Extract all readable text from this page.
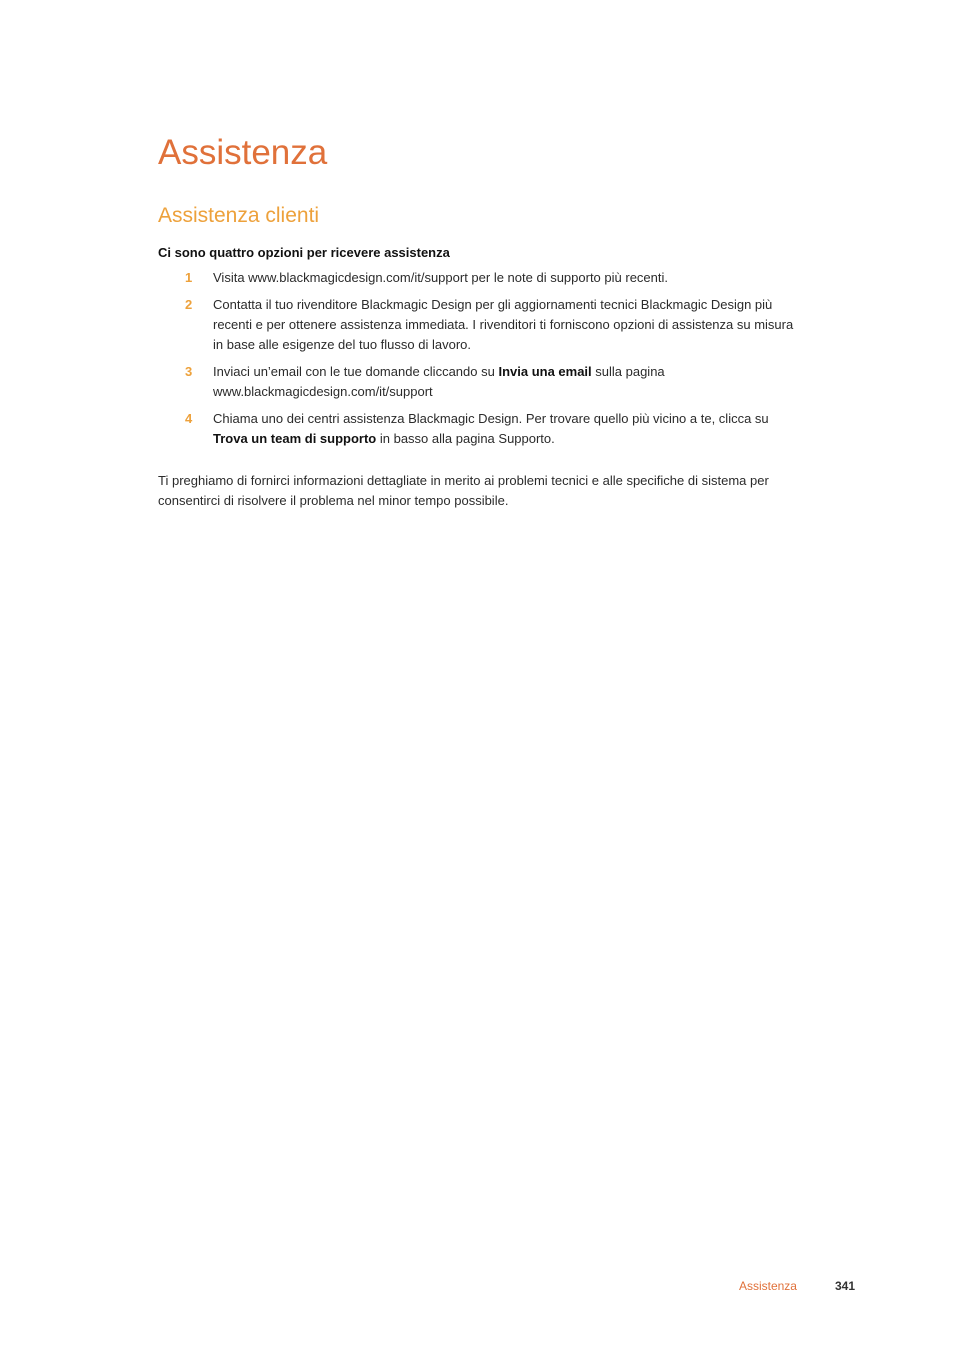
Assistenza
Assistenza clienti

Ci sono quattro opzioni per ricevere assistenza

1	Visita www.blackmagicdesign.com/it/support per le note di supporto più recenti.
2	Contatta il tuo rivenditore Blackmagic Design per gli aggiornamenti tecnici Blackmagic Design più recenti e per ottenere assistenza immediata. I rivenditori ti forniscono opzioni di assistenza su misura in base alle esigenze del tuo flusso di lavoro.
3	Inviaci un’email con le tue domande cliccando su Invia una email sulla pagina www.blackmagicdesign.com/it/support
4	Chiama uno dei centri assistenza Blackmagic Design. Per trovare quello più vicino a te, clicca su Trova un team di supporto in basso alla pagina Supporto.

Ti preghiamo di fornirci informazioni dettagliate in merito ai problemi tecnici e alle specifiche di sistema per consentirci di risolvere il problema nel minor tempo possibile.

Assistenza	341
